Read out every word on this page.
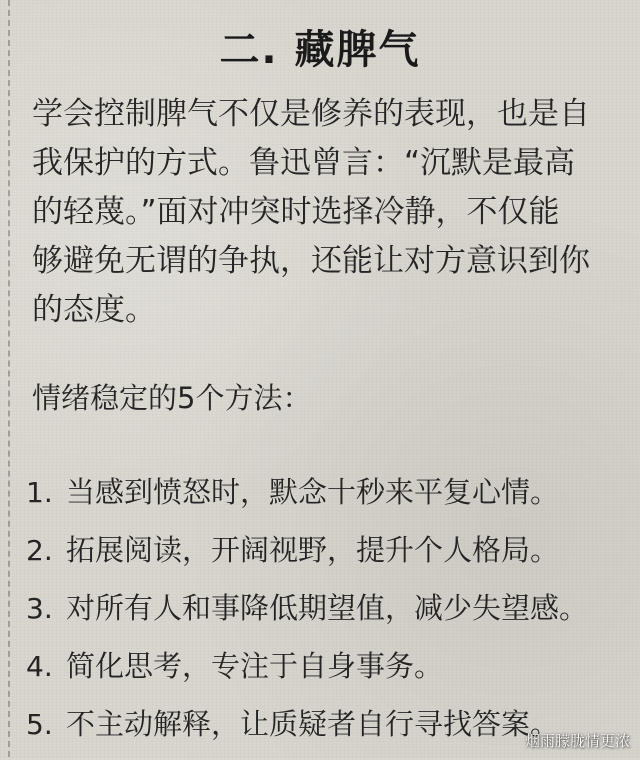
二. 藏脾气
学会控制脾气不仅是修养的表现，也是自
我保护的方式。鲁迅曾言：“沉默是最高
的轻蔑。”面对冲突时选择冷静，不仅能
够避免无谓的争执，还能让对方意识到你
的态度。
情绪稳定的5个方法：
1. 当感到愤怒时，默念十秒来平复心情。
2. 拓展阅读，开阔视野，提升个人格局。
3. 对所有人和事降低期望值，减少失望感。
4. 简化思考，专注于自身事务。
5. 不主动解释，让质疑者自行寻找答案。
烟雨朦胧情更浓
